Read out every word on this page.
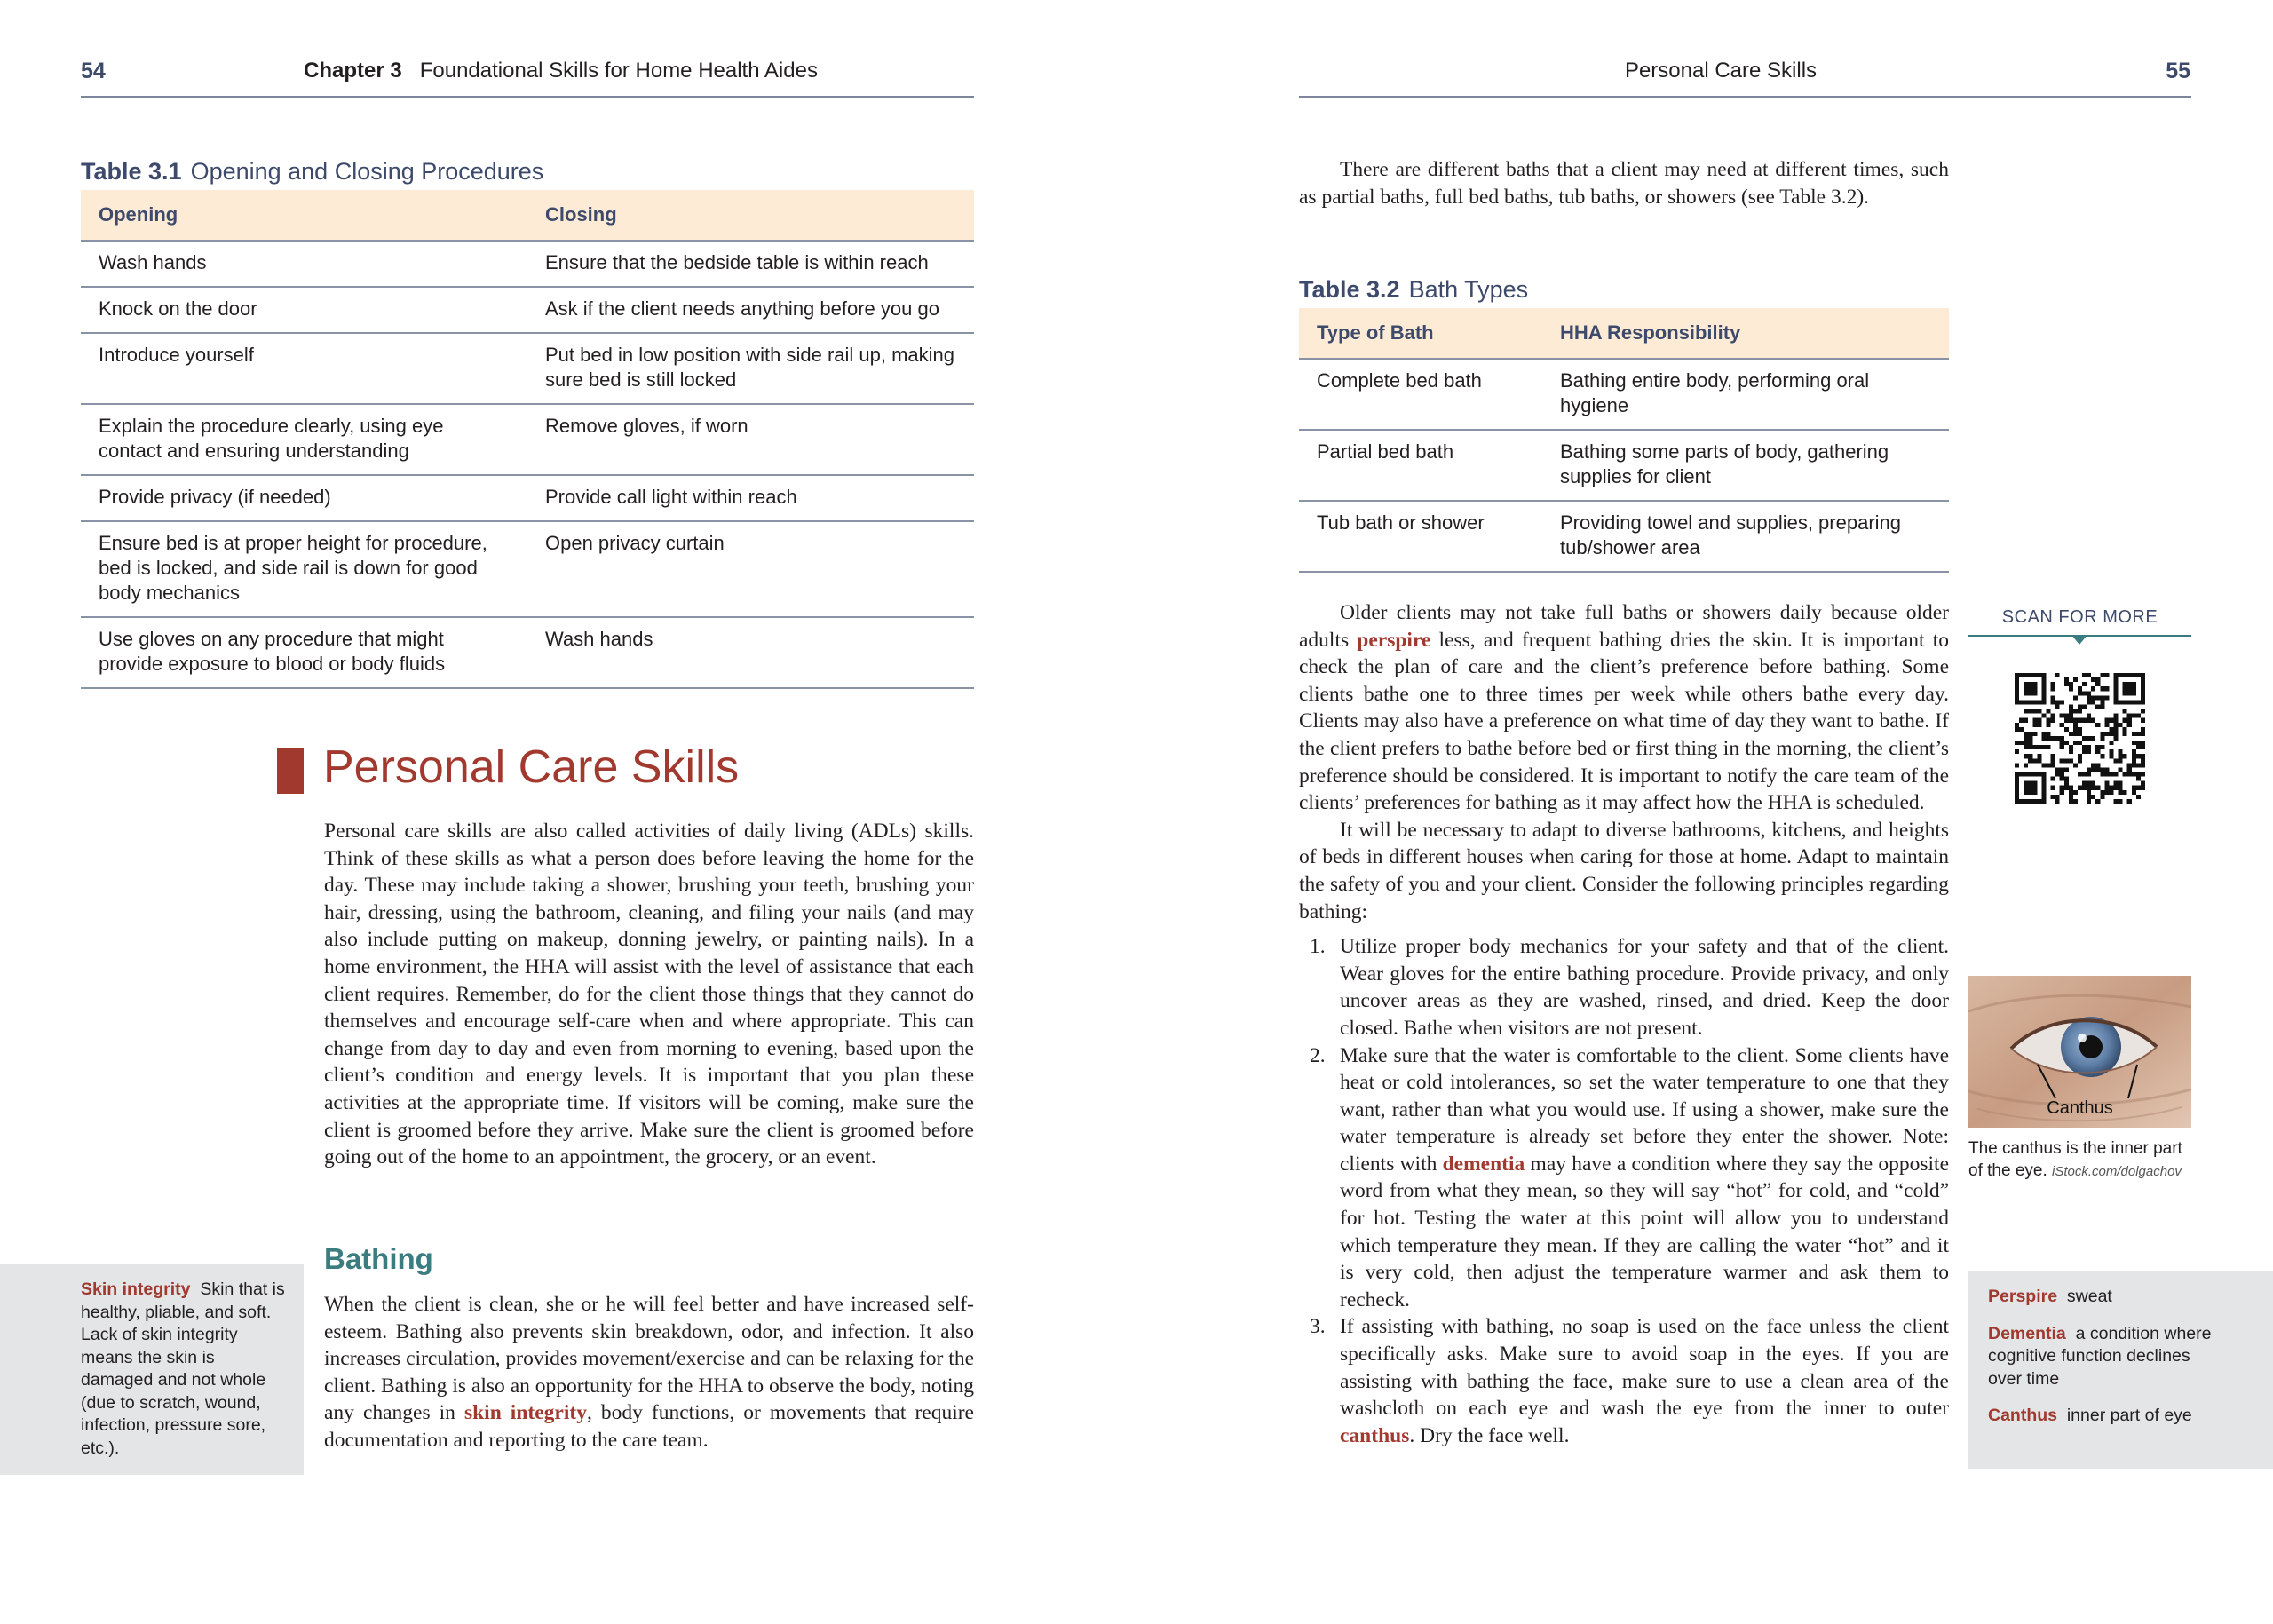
54	Chapter 3 Foundational Skills for Home Health Aides
Table 3.1 Opening and Closing Procedures
Opening	Closing
Wash hands	Ensure that the bedside table is within reach
Knock on the door	Ask if the client needs anything before you go
Introduce yourself	Put bed in low position with side rail up, making sure bed is still locked
Explain the procedure clearly, using eye contact and ensuring understanding	Remove gloves, if worn
Provide privacy (if needed)	Provide call light within reach
Ensure bed is at proper height for procedure, bed is locked, and side rail is down for good body mechanics	Open privacy curtain
Use gloves on any procedure that might provide exposure to blood or body fluids	Wash hands
Personal Care Skills

Personal care skills are also called activities of daily living (ADLs) skills. Think of these skills as what a person does before leaving the home for the day. These may include taking a shower, brushing your teeth, brushing your hair, dressing, using the bathroom, cleaning, and filing your nails (and may also include putting on makeup, donning jewelry, or painting nails). In a home environment, the HHA will assist with the level of assistance that each client requires. Remember, do for the client those things that they cannot do themselves and encourage self-care when and where appropriate. This can change from day to day and even from morning to evening, based upon the client’s condition and energy levels. It is important that you plan these activities at the appropriate time. If visitors will be coming, make sure the client is groomed before they arrive. Make sure the client is groomed before going out of the home to an appointment, the grocery, or an event.

Bathing

When the client is clean, she or he will feel better and have increased self-esteem. Bathing also prevents skin breakdown, odor, and infection. It also increases circulation, provides movement/exercise and can be relaxing for the client. Bathing is also an opportunity for the HHA to observe the body, noting any changes in skin integrity, body functions, or movements that require documentation and reporting to the care team.

Skin integrity Skin that is healthy, pliable, and soft. Lack of skin integrity means the skin is damaged and not whole (due to scratch, wound, infection, pressure sore, etc.).
Personal Care Skills	55

There are different baths that a client may need at different times, such as partial baths, full bed baths, tub baths, or showers (see Table 3.2).

Table 3.2 Bath Types
Type of Bath	HHA Responsibility
Complete bed bath	Bathing entire body, performing oral hygiene
Partial bed bath	Bathing some parts of body, gathering supplies for client
Tub bath or shower	Providing towel and supplies, preparing tub/shower area

Older clients may not take full baths or showers daily because older adults perspire less, and frequent bathing dries the skin. It is important to check the plan of care and the client’s preference before bathing. Some clients bathe one to three times per week while others bathe every day. Clients may also have a preference on what time of day they want to bathe. If the client prefers to bathe before bed or first thing in the morning, the client’s preference should be considered. It is important to notify the care team of the clients’ preferences for bathing as it may affect how the HHA is scheduled.

It will be necessary to adapt to diverse bathrooms, kitchens, and heights of beds in different houses when caring for those at home. Adapt to maintain the safety of you and your client. Consider the following principles regarding bathing:

1. Utilize proper body mechanics for your safety and that of the client. Wear gloves for the entire bathing procedure. Provide privacy, and only uncover areas as they are washed, rinsed, and dried. Keep the door closed. Bathe when visitors are not present.
2. Make sure that the water is comfortable to the client. Some clients have heat or cold intolerances, so set the water temperature to one that they want, rather than what you would use. If using a shower, make sure the water temperature is already set before they enter the shower. Note: clients with dementia may have a condition where they say the opposite word from what they mean, so they will say “hot” for cold, and “cold” for hot. Testing the water at this point will allow you to understand which temperature they mean. If they are calling the water “hot” and it is very cold, then adjust the temperature warmer and ask them to recheck.
3. If assisting with bathing, no soap is used on the face unless the client specifically asks. Make sure to avoid soap in the eyes. If you are assisting with bathing the face, make sure to use a clean area of the washcloth on each eye and wash the eye from the inner to outer canthus. Dry the face well.
SCAN FOR MORE
Canthus
The canthus is the inner part of the eye. iStock.com/dolgachov
Perspire sweat
Dementia a condition where cognitive function declines over time
Canthus inner part of eye
